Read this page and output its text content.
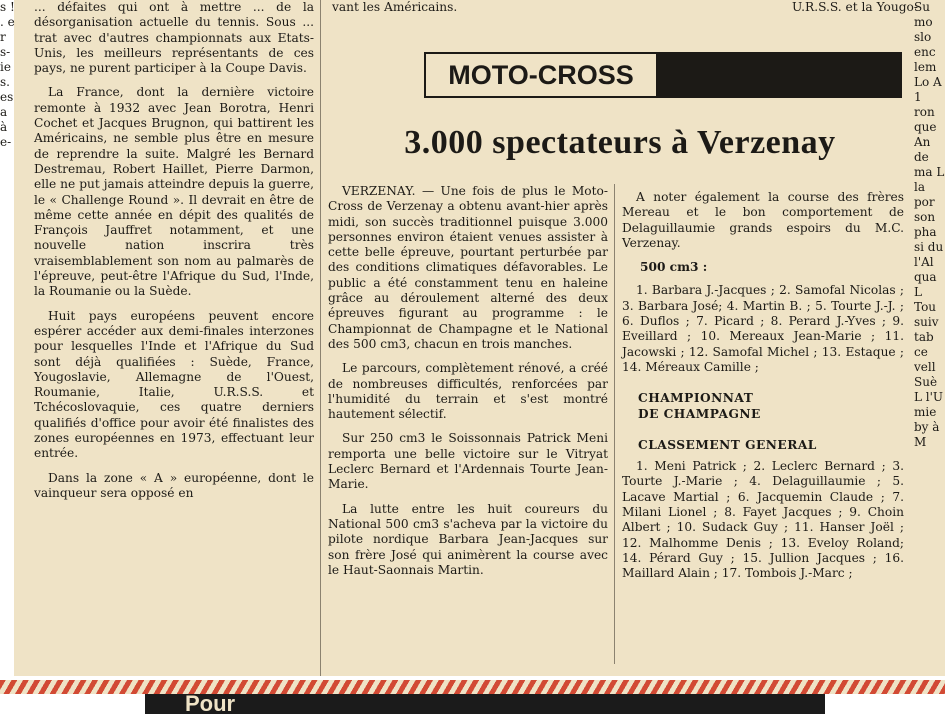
s ! . e r s- ie s. es a à e-

... défaites qui ont à mettre ... de la désorganisation actuelle du tennis. Sous ... trat avec d'autres championnats aux Etats-Unis, les meilleurs représentants de ces pays, ne purent participer à la Coupe Davis.

La France, dont la dernière victoire remonte à 1932 avec Jean Borotra, Henri Cochet et Jacques Brugnon, qui battirent les Américains, ne semble plus être en mesure de reprendre la suite. Malgré les Bernard Destremau, Robert Haillet, Pierre Darmon, elle ne put jamais atteindre depuis la guerre, le « Challenge Round ». Il devrait en être de même cette année en dépit des qualités de François Jauffret notamment, et une nouvelle nation inscrira très vraisemblablement son nom au palmarès de l'épreuve, peut-être l'Afrique du Sud, l'Inde, la Roumanie ou la Suède.

Huit pays européens peuvent encore espérer accéder aux demi-finales interzones pour lesquelles l'Inde et l'Afrique du Sud sont déjà qualifiées : Suède, France, Yougoslavie, Allemagne de l'Ouest, Roumanie, Italie, U.R.S.S. et Tchécoslovaquie, ces quatre derniers qualifiés d'office pour avoir été finalistes des zones européennes en 1973, effectuant leur entrée.

Dans la zone « A » européenne, dont le vainqueur sera opposé en

vant les Américains.	U.R.S.S. et la Yougo-
MOTO-CROSS
3.000 spectateurs à Verzenay

VERZENAY. — Une fois de plus le Moto-Cross de Verzenay a obtenu avant-hier après midi, son succès traditionnel puisque 3.000 personnes environ étaient venues assister à cette belle épreuve, pourtant perturbée par des conditions climatiques défavorables. Le public a été constamment tenu en haleine grâce au déroulement alterné des deux épreuves figurant au programme : le Championnat de Champagne et le National des 500 cm3, chacun en trois manches.

Le parcours, complètement rénové, a créé de nombreuses difficultés, renforcées par l'humidité du terrain et s'est montré hautement sélectif.

Sur 250 cm3 le Soissonnais Patrick Meni remporta une belle victoire sur le Vitryat Leclerc Bernard et l'Ardennais Tourte Jean-Marie.

La lutte entre les huit coureurs du National 500 cm3 s'acheva par la victoire du pilote nordique Barbara Jean-Jacques sur son frère José qui animèrent la course avec le Haut-Saonnais Martin.

A noter également la course des frères Mereau et le bon comportement de Delaguillaumie grands espoirs du M.C. Verzenay.

500 cm3 :

1. Barbara J.-Jacques ; 2. Samofal Nicolas ; 3. Barbara José; 4. Martin B. ; 5. Tourte J.-J. ; 6. Duflos ; 7. Picard ; 8. Perard J.-Yves ; 9. Eveillard ; 10. Mereaux Jean-Marie ; 11. Jacowski ; 12. Samofal Michel ; 13. Estaque ; 14. Méreaux Camille ;

CHAMPIONNAT

DE CHAMPAGNE

CLASSEMENT GENERAL

1. Meni Patrick ; 2. Leclerc Bernard ; 3. Tourte J.-Marie ; 4. Delaguillaumie ; 5. Lacave Martial ; 6. Jacquemin Claude ; 7. Milani Lionel ; 8. Fayet Jacques ; 9. Choin Albert ; 10. Sudack Guy ; 11. Hanser Joël ; 12. Malhomme Denis ; 13. Eveloy Roland; 14. Pérard Guy ; 15. Jullion Jacques ; 16. Maillard Alain ; 17. Tombois J.-Marc ;

Su mo slo enc lem Lo A 1 ron que An de ma L la por son pha si du l'Al qua L Tou suiv tab ce vell Suè L l'U mie by à M
Pour
